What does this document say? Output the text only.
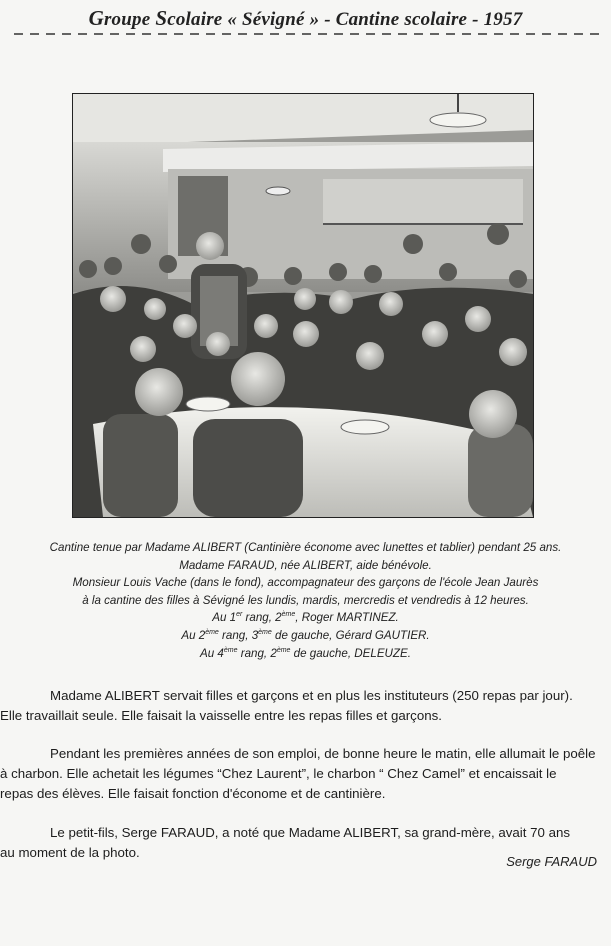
Groupe Scolaire « Sévigné » - Cantine scolaire - 1957
Cantine tenue par Madame ALIBERT (Cantinière économe avec lunettes et tablier) pendant 25 ans.
Madame FARAUD, née ALIBERT, aide bénévole.
Monsieur Louis Vache (dans le fond), accompagnateur des garçons de l'école Jean Jaurès
à la cantine des filles à Sévigné les lundis, mardis, mercredis et vendredis à 12 heures.
Au 1er rang, 2ème, Roger MARTINEZ.
Au 2ème rang, 3ème de gauche, Gérard GAUTIER.
Au 4ème rang, 2ème de gauche, DELEUZE.
Madame ALIBERT servait filles et garçons et en plus les instituteurs (250 repas par jour).
Elle travaillait seule. Elle faisait la vaisselle entre les repas filles et garçons.
Pendant les premières années de son emploi, de bonne heure le matin, elle allumait le poêle
à charbon. Elle achetait les légumes “Chez Laurent”, le charbon “ Chez Camel” et encaissait le
repas des élèves. Elle faisait fonction d'économe et de cantinière.
Le petit-fils, Serge FARAUD, a noté que Madame ALIBERT, sa grand-mère, avait 70 ans
au moment de la photo.
Serge FARAUD
